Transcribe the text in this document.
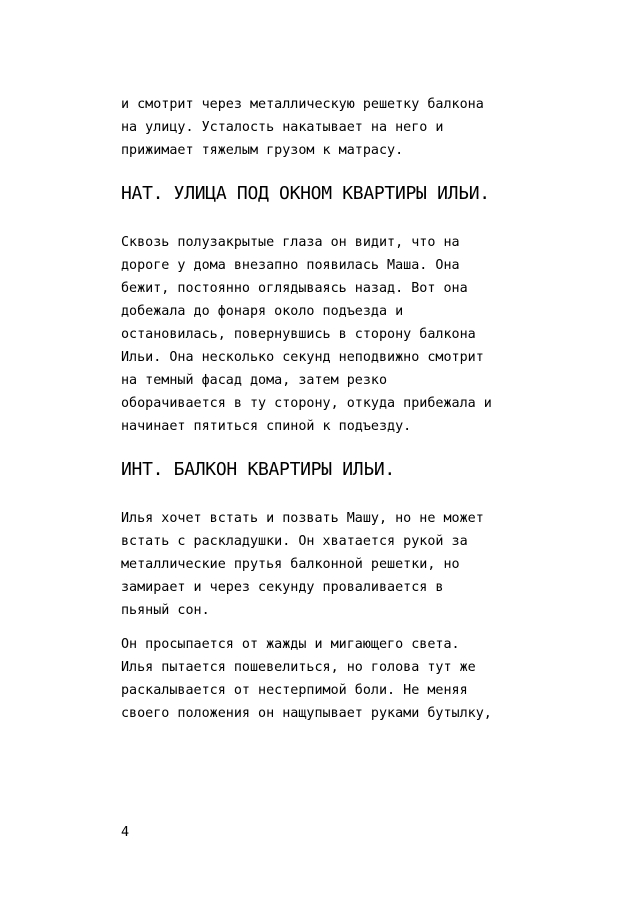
и смотрит через металлическую решетку балкона
на улицу. Усталость накатывает на него и
прижимает тяжелым грузом к матрасу.
НАТ. УЛИЦА ПОД ОКНОМ КВАРТИРЫ ИЛЬИ.
Сквозь полузакрытые глаза он видит, что на
дороге у дома внезапно появилась Маша. Она
бежит, постоянно оглядываясь назад. Вот она
добежала до фонаря около подъезда и
остановилась, повернувшись в сторону балкона
Ильи. Она несколько секунд неподвижно смотрит
на темный фасад дома, затем резко
оборачивается в ту сторону, откуда прибежала и
начинает пятиться спиной к подъезду.
ИНТ. БАЛКОН КВАРТИРЫ ИЛЬИ.
Илья хочет встать и позвать Машу, но не может
встать с раскладушки. Он хватается рукой за
металлические прутья балконной решетки, но
замирает и через секунду проваливается в
пьяный сон.
Он просыпается от жажды и мигающего света.
Илья пытается пошевелиться, но голова тут же
раскалывается от нестерпимой боли. Не меняя
своего положения он нащупывает руками бутылку,
4
